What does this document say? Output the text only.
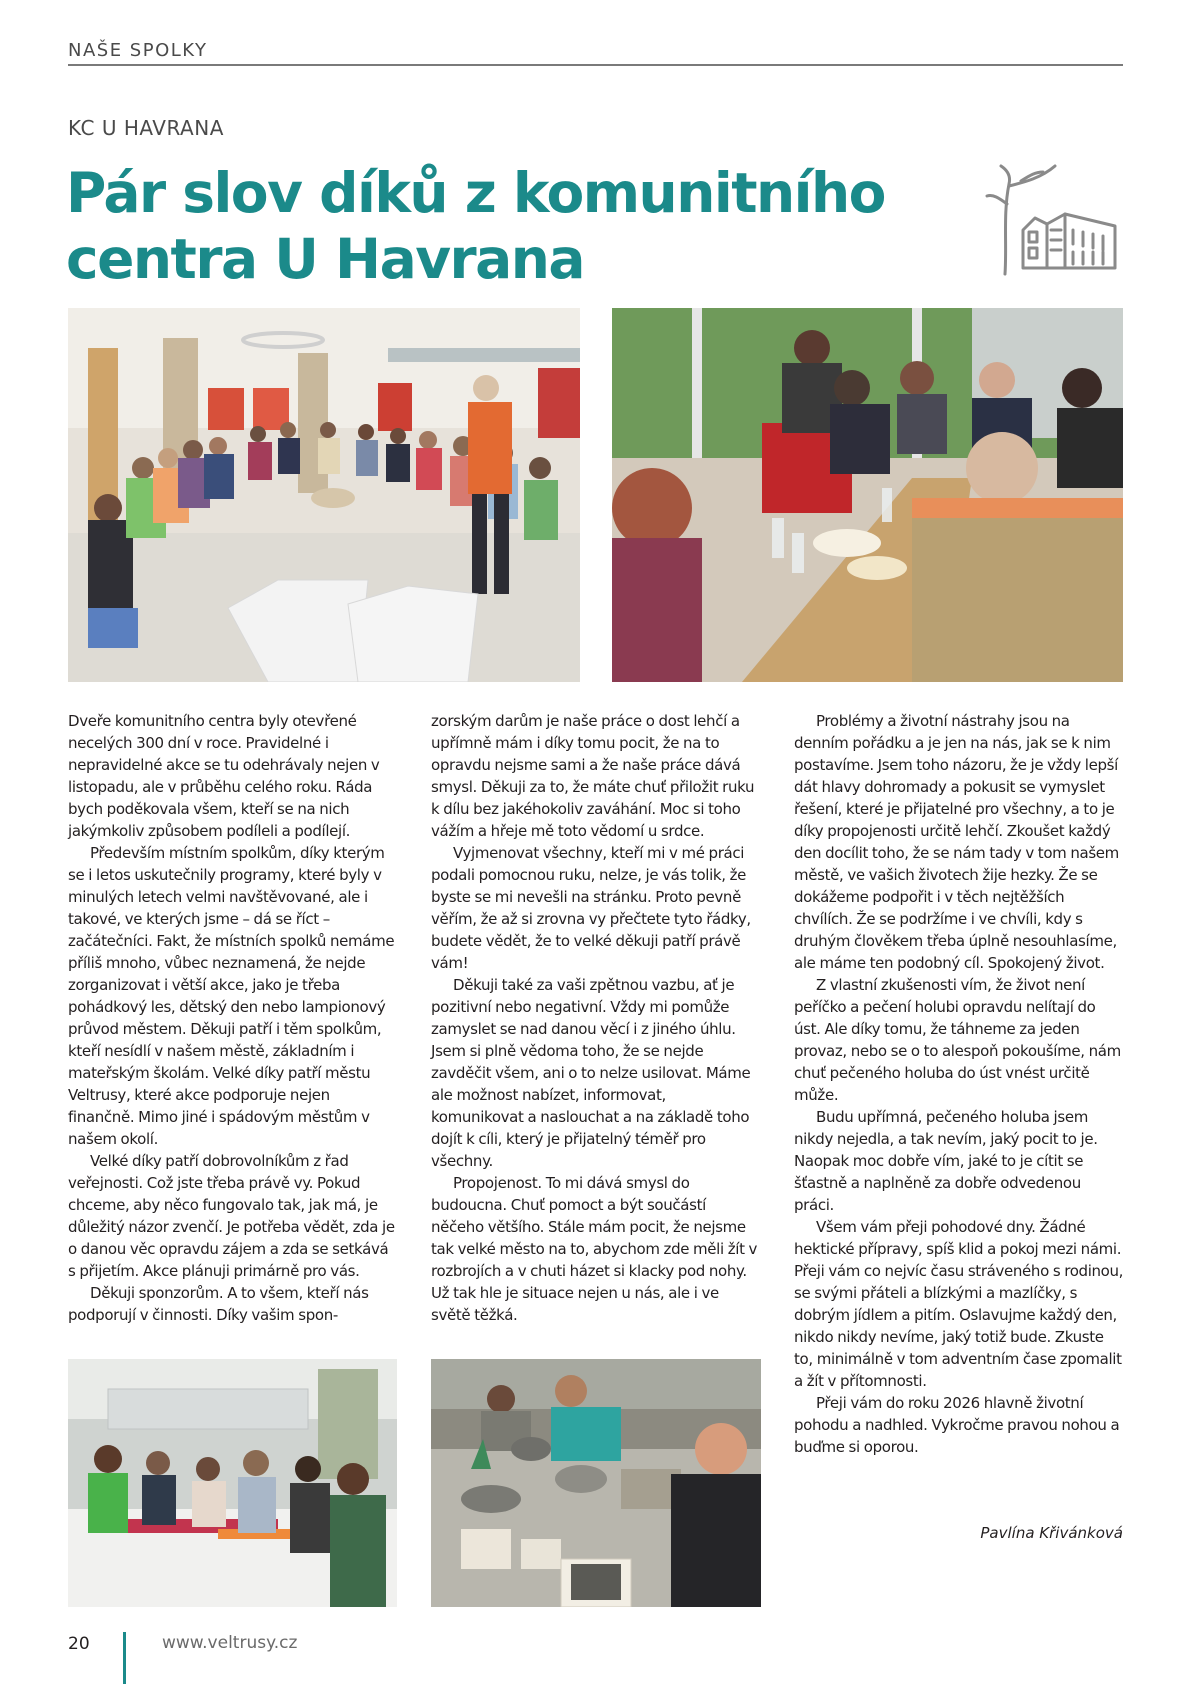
NAŠE SPOLKY
KC U HAVRANA
Pár slov díků z komunitního centra U Havrana

Dveře komunitního centra byly otevřené necelých 300 dní v roce. Pravidelné i nepravidelné akce se tu odehrávaly nejen v listopadu, ale v průběhu celého roku. Ráda bych poděkovala všem, kteří se na nich jakýmkoliv způsobem podíleli a podílejí.

Především místním spolkům, díky kterým se i letos uskutečnily programy, které byly v minulých letech velmi navštěvované, ale i takové, ve kterých jsme – dá se říct – začátečníci. Fakt, že místních spolků nemáme příliš mnoho, vůbec neznamená, že nejde zorganizovat i větší akce, jako je třeba pohádkový les, dětský den nebo lampionový průvod městem. Děkuji patří i těm spolkům, kteří nesídlí v našem městě, základním i mateřským školám. Velké díky patří městu Veltrusy, které akce podporuje nejen finančně. Mimo jiné i spádovým městům v našem okolí.

Velké díky patří dobrovolníkům z řad veřejnosti. Což jste třeba právě vy. Pokud chceme, aby něco fungovalo tak, jak má, je důležitý názor zvenčí. Je potřeba vědět, zda je o danou věc opravdu zájem a zda se setkává s přijetím. Akce plánuji primárně pro vás.

Děkuji sponzorům. A to všem, kteří nás podporují v činnosti. Díky vašim spon-

zorským darům je naše práce o dost lehčí a upřímně mám i díky tomu pocit, že na to opravdu nejsme sami a že naše práce dává smysl. Děkuji za to, že máte chuť přiložit ruku k dílu bez jakéhokoliv zaváhání. Moc si toho vážím a hřeje mě toto vědomí u srdce.

Vyjmenovat všechny, kteří mi v mé práci podali pomocnou ruku, nelze, je vás tolik, že byste se mi nevešli na stránku. Proto pevně věřím, že až si zrovna vy přečtete tyto řádky, budete vědět, že to velké děkuji patří právě vám!

Děkuji také za vaši zpětnou vazbu, ať je pozitivní nebo negativní. Vždy mi pomůže zamyslet se nad danou věcí i z jiného úhlu. Jsem si plně vědoma toho, že se nejde zavděčit všem, ani o to nelze usilovat. Máme ale možnost nabízet, informovat, komunikovat a naslouchat a na základě toho dojít k cíli, který je přijatelný téměř pro všechny.

Propojenost. To mi dává smysl do budoucna. Chuť pomoct a být součástí něčeho většího. Stále mám pocit, že nejsme tak velké město na to, abychom zde měli žít v rozbrojích a v chuti házet si klacky pod nohy. Už tak hle je situace nejen u nás, ale i ve světě těžká.

Problémy a životní nástrahy jsou na denním pořádku a je jen na nás, jak se k nim postavíme. Jsem toho názoru, že je vždy lepší dát hlavy dohromady a pokusit se vymyslet řešení, které je přijatelné pro všechny, a to je díky propojenosti určitě lehčí. Zkoušet každý den docílit toho, že se nám tady v tom našem městě, ve vašich životech žije hezky. Že se dokážeme podpořit i v těch nejtěžších chvílích. Že se podržíme i ve chvíli, kdy s druhým člověkem třeba úplně nesouhlasíme, ale máme ten podobný cíl. Spokojený život.

Z vlastní zkušenosti vím, že život není peříčko a pečení holubi opravdu nelítají do úst. Ale díky tomu, že táhneme za jeden provaz, nebo se o to alespoň pokoušíme, nám chuť pečeného holuba do úst vnést určitě může.

Budu upřímná, pečeného holuba jsem nikdy nejedla, a tak nevím, jaký pocit to je. Naopak moc dobře vím, jaké to je cítit se šťastně a naplněně za dobře odvedenou práci.

Všem vám přeji pohodové dny. Žádné hektické přípravy, spíš klid a pokoj mezi námi. Přeji vám co nejvíc času stráveného s rodinou, se svými přáteli a blízkými a mazlíčky, s dobrým jídlem a pitím. Oslavujme každý den, nikdo nikdy nevíme, jaký totiž bude. Zkuste to, minimálně v tom adventním čase zpomalit a žít v přítomnosti.

Přeji vám do roku 2026 hlavně životní pohodu a nadhled. Vykročme pravou nohou a buďme si oporou.

Pavlína Křivánková
20	www.veltrusy.cz
